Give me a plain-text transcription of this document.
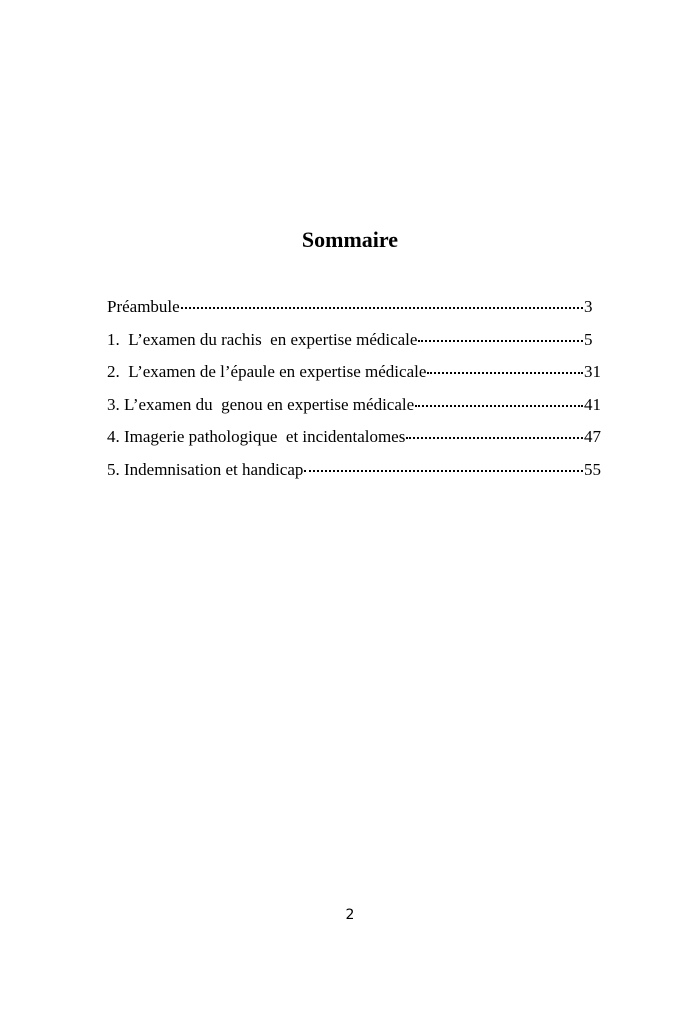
Sommaire
Préambule	3
1.  L’examen du rachis  en expertise médicale	5
2.  L’examen de l’épaule en expertise médicale	31
3. L’examen du  genou en expertise médicale	41
4. Imagerie pathologique  et incidentalomes	47
5. Indemnisation et handicap	55
2
